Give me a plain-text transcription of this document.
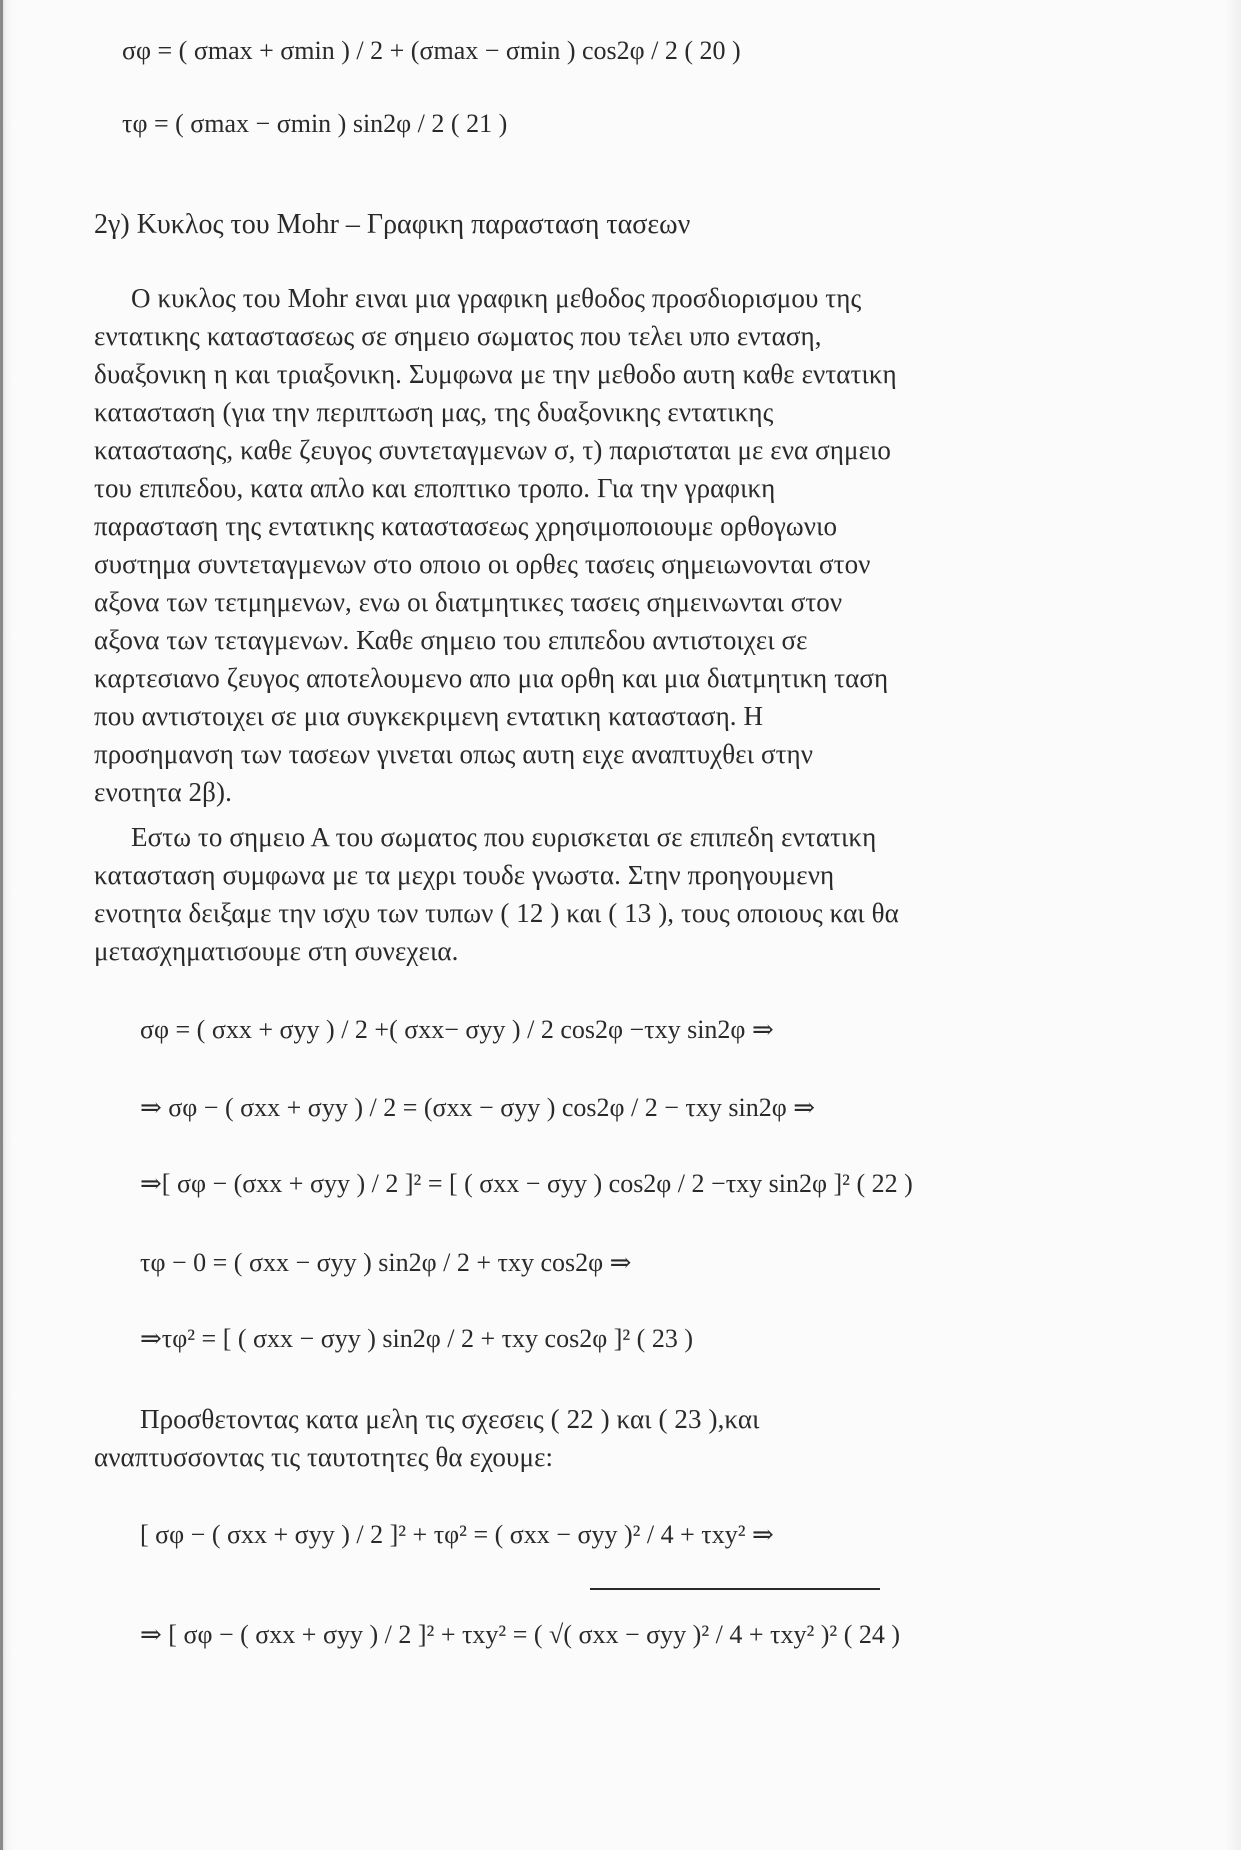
σφ = ( σmax + σmin ) / 2 + (σmax − σmin ) cos2φ / 2 ( 20 )
τφ = ( σmax − σmin ) sin2φ / 2 ( 21 )
2γ) Κυκλος του Mohr – Γραφικη παρασταση τασεων
Ο κυκλος του Mohr ειναι μια γραφικη μεθοδος προσδιορισμου της
εντατικης καταστασεως σε σημειο σωματος που τελει υπο ενταση,
δυαξονικη η και τριαξονικη. Συμφωνα με την μεθοδο αυτη καθε εντατικη
κατασταση (για την περιπτωση μας, της δυαξονικης εντατικης
καταστασης, καθε ζευγος συντεταγμενων σ, τ) παρισταται με ενα σημειο
του επιπεδου, κατα απλο και εποπτικο τροπο. Για την γραφικη
παρασταση της εντατικης καταστασεως χρησιμοποιουμε ορθογωνιο
συστημα συντεταγμενων στο οποιο οι ορθες τασεις σημειωνονται στον
αξονα των τετμημενων, ενω οι διατμητικες τασεις σημεινωνται στον
αξονα των τεταγμενων. Καθε σημειο του επιπεδου αντιστοιχει σε
καρτεσιανο ζευγος αποτελουμενο απο μια ορθη και μια διατμητικη ταση
που αντιστοιχει σε μια συγκεκριμενη εντατικη κατασταση. Η
προσημανση των τασεων γινεται οπως αυτη ειχε αναπτυχθει στην
ενοτητα 2β).
Εστω το σημειο Α του σωματος που ευρισκεται σε επιπεδη εντατικη
κατασταση συμφωνα με τα μεχρι τουδε γνωστα. Στην προηγουμενη
ενοτητα δειξαμε την ισχυ των τυπων ( 12 ) και ( 13 ), τους οποιους και θα
μετασχηματισουμε στη συνεχεια.
σφ = ( σxx + σyy ) / 2 +( σxx− σyy ) / 2 cos2φ −τxy sin2φ ⇒
⇒ σφ − ( σxx + σyy ) / 2 = (σxx − σyy ) cos2φ / 2 − τxy sin2φ ⇒
⇒[ σφ − (σxx + σyy ) / 2 ]² = [ ( σxx − σyy ) cos2φ / 2 −τxy sin2φ ]² ( 22 )
τφ − 0 = ( σxx − σyy ) sin2φ / 2 + τxy cos2φ ⇒
⇒τφ² = [ ( σxx − σyy ) sin2φ / 2 + τxy cos2φ ]² ( 23 )
Προσθετοντας κατα μελη τις σχεσεις ( 22 ) και ( 23 ),και
αναπτυσσοντας τις ταυτοτητες θα εχουμε:
[ σφ − ( σxx + σyy ) / 2 ]² + τφ² = ( σxx − σyy )² / 4 + τxy² ⇒
⇒ [ σφ − ( σxx + σyy ) / 2 ]² + τxy² = ( √( σxx − σyy )² / 4 + τxy² )² ( 24 )
